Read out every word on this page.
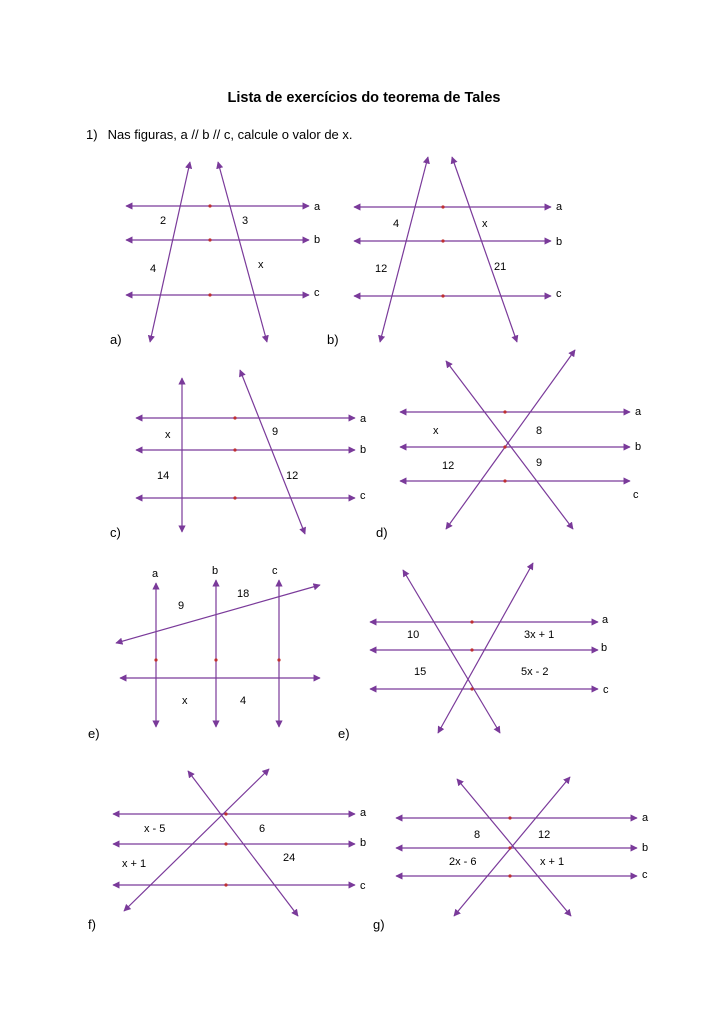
Lista de exercícios do teorema de Tales
1) Nas figuras, a // b // c, calcule o valor de x.
a)	b)
c)	d)
e)	e)
f)	g)
a
b
c
2	3
4	x
a
b
c
4	x
12	21
a
b
c
x	9
14	12
a
b
c
x	8
12	9
a	b	c
9
18
x	4
a
b
c
10	3x + 1
15	5x - 2
a
b
c
x - 5	6
x + 1	24
a
b
c
8	12
2x - 6	x + 1
